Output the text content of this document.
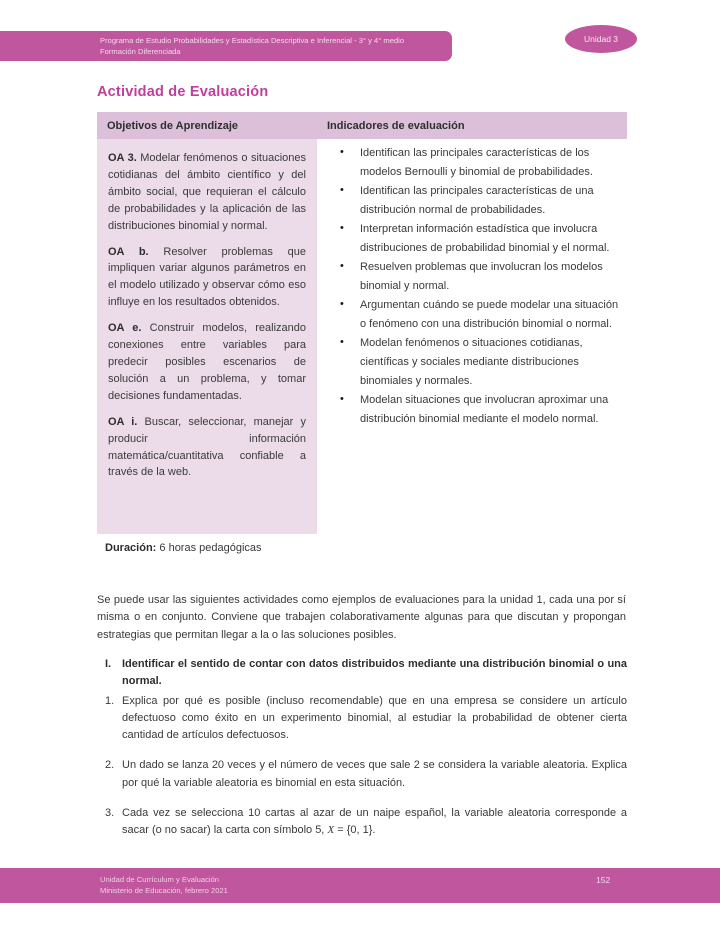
Programa de Estudio Probabilidades y Estadística Descriptiva e Inferencial - 3° y 4° medio
Formación Diferenciada
Unidad 3
Actividad de Evaluación
Objetivos de Aprendizaje	Indicadores de evaluación

OA 3. Modelar fenómenos o situaciones cotidianas del ámbito científico y del ámbito social, que requieran el cálculo de probabilidades y la aplicación de las distribuciones binomial y normal.

OA b. Resolver problemas que impliquen variar algunos parámetros en el modelo utilizado y observar cómo eso influye en los resultados obtenidos.

OA e. Construir modelos, realizando conexiones entre variables para predecir posibles escenarios de solución a un problema, y tomar decisiones fundamentadas.

OA i. Buscar, seleccionar, manejar y producir información matemática/cuantitativa confiable a través de la web.

• Identifican las principales características de los modelos Bernoulli y binomial de probabilidades.
• Identifican las principales características de una distribución normal de probabilidades.
• Interpretan información estadística que involucra distribuciones de probabilidad binomial y el normal.
• Resuelven problemas que involucran los modelos binomial y normal.
• Argumentan cuándo se puede modelar una situación o fenómeno con una distribución binomial o normal.
• Modelan fenómenos o situaciones cotidianas, científicas y sociales mediante distribuciones binomiales y normales.
• Modelan situaciones que involucran aproximar una distribución binomial mediante el modelo normal.
Duración: 6 horas pedagógicas
Se puede usar las siguientes actividades como ejemplos de evaluaciones para la unidad 1, cada una por sí misma o en conjunto. Conviene que trabajen colaborativamente algunas para que discutan y propongan estrategias que permitan llegar a la o las soluciones posibles.
I. Identificar el sentido de contar con datos distribuidos mediante una distribución binomial o una normal.
1. Explica por qué es posible (incluso recomendable) que en una empresa se considere un artículo defectuoso como éxito en un experimento binomial, al estudiar la probabilidad de obtener cierta cantidad de artículos defectuosos.
2. Un dado se lanza 20 veces y el número de veces que sale 2 se considera la variable aleatoria. Explica por qué la variable aleatoria es binomial en esta situación.
3. Cada vez se selecciona 10 cartas al azar de un naipe español, la variable aleatoria corresponde a sacar (o no sacar) la carta con símbolo 5, X = {0, 1}.
Unidad de Currículum y Evaluación
Ministerio de Educación, febrero 2021
152
